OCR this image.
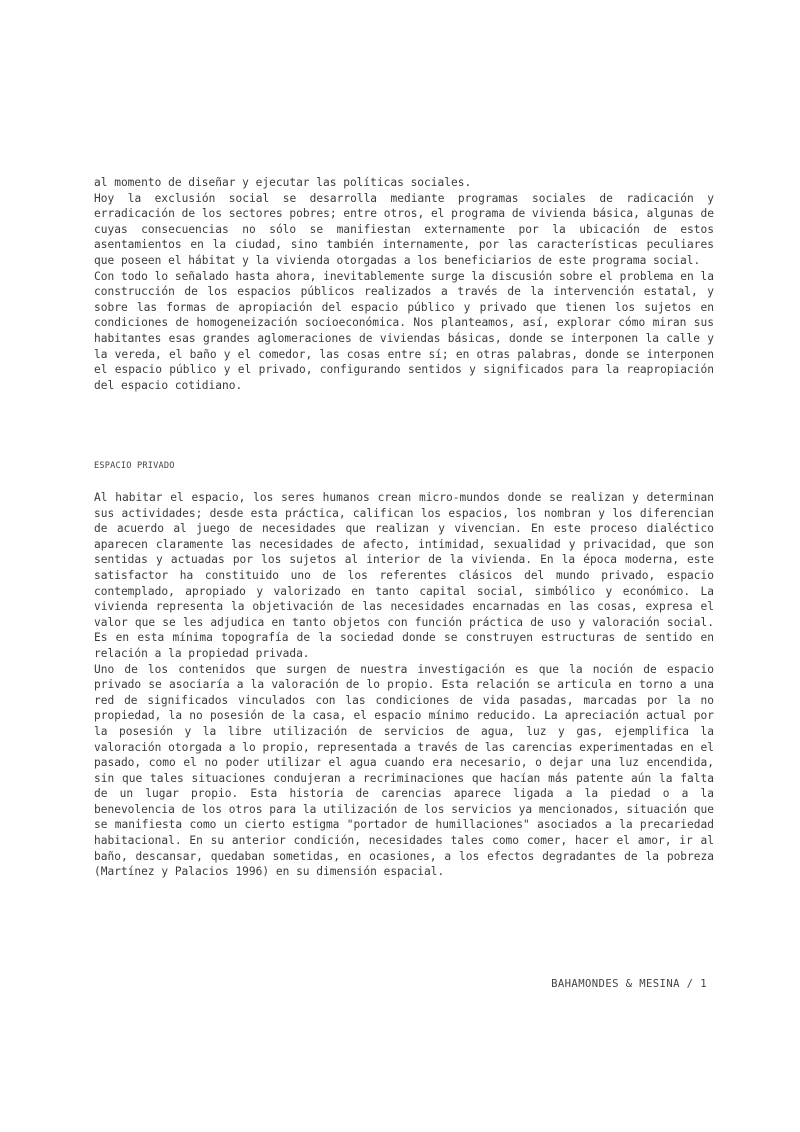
al momento de diseñar y ejecutar las políticas sociales.

Hoy la exclusión social se desarrolla mediante programas sociales de radicación y erradicación de los sectores pobres; entre otros, el programa de vivienda básica, algunas de cuyas consecuencias no sólo se manifiestan externamente por la ubicación de estos asentamientos en la ciudad, sino también internamente, por las características peculiares que poseen el hábitat y la vivienda otorgadas a los beneficiarios de este programa social.

Con todo lo señalado hasta ahora, inevitablemente surge la discusión sobre el problema en la construcción de los espacios públicos realizados a través de la intervención estatal, y sobre las formas de apropiación del espacio público y privado que tienen los sujetos en condiciones de homogeneización socioeconómica. Nos planteamos, así, explorar cómo miran sus habitantes esas grandes aglomeraciones de viviendas básicas, donde se interponen la calle y la vereda, el baño y el comedor, las cosas entre sí; en otras palabras, donde se interponen el espacio público y el privado, configurando sentidos y significados para la reapropiación del espacio cotidiano.

ESPACIO PRIVADO

Al habitar el espacio, los seres humanos crean micro-mundos donde se realizan y determinan sus actividades; desde esta práctica, califican los espacios, los nombran y los diferencian de acuerdo al juego de necesidades que realizan y vivencian. En este proceso dialéctico aparecen claramente las necesidades de afecto, intimidad, sexualidad y privacidad, que son sentidas y actuadas por los sujetos al interior de la vivienda. En la época moderna, este satisfactor ha constituido uno de los referentes clásicos del mundo privado, espacio contemplado, apropiado y valorizado en tanto capital social, simbólico y económico. La vivienda representa la objetivación de las necesidades encarnadas en las cosas, expresa el valor que se les adjudica en tanto objetos con función práctica de uso y valoración social. Es en esta mínima topografía de la sociedad donde se construyen estructuras de sentido en relación a la propiedad privada.

Uno de los contenidos que surgen de nuestra investigación es que la noción de espacio privado se asociaría a la valoración de lo propio. Esta relación se articula en torno a una red de significados vinculados con las condiciones de vida pasadas, marcadas por la no propiedad, la no posesión de la casa, el espacio mínimo reducido. La apreciación actual por la posesión y la libre utilización de servicios de agua, luz y gas, ejemplifica la valoración otorgada a lo propio, representada a través de las carencias experimentadas en el pasado, como el no poder utilizar el agua cuando era necesario, o dejar una luz encendida, sin que tales situaciones condujeran a recriminaciones que hacían más patente aún la falta de un lugar propio. Esta historia de carencias aparece ligada a la piedad o a la benevolencia de los otros para la utilización de los servicios ya mencionados, situación que se manifiesta como un cierto estigma "portador de humillaciones" asociados a la precariedad habitacional. En su anterior condición, necesidades tales como comer, hacer el amor, ir al baño, descansar, quedaban sometidas, en ocasiones, a los efectos degradantes de la pobreza (Martínez y Palacios 1996) en su dimensión espacial.

BAHAMONDES & MESINA / 1
